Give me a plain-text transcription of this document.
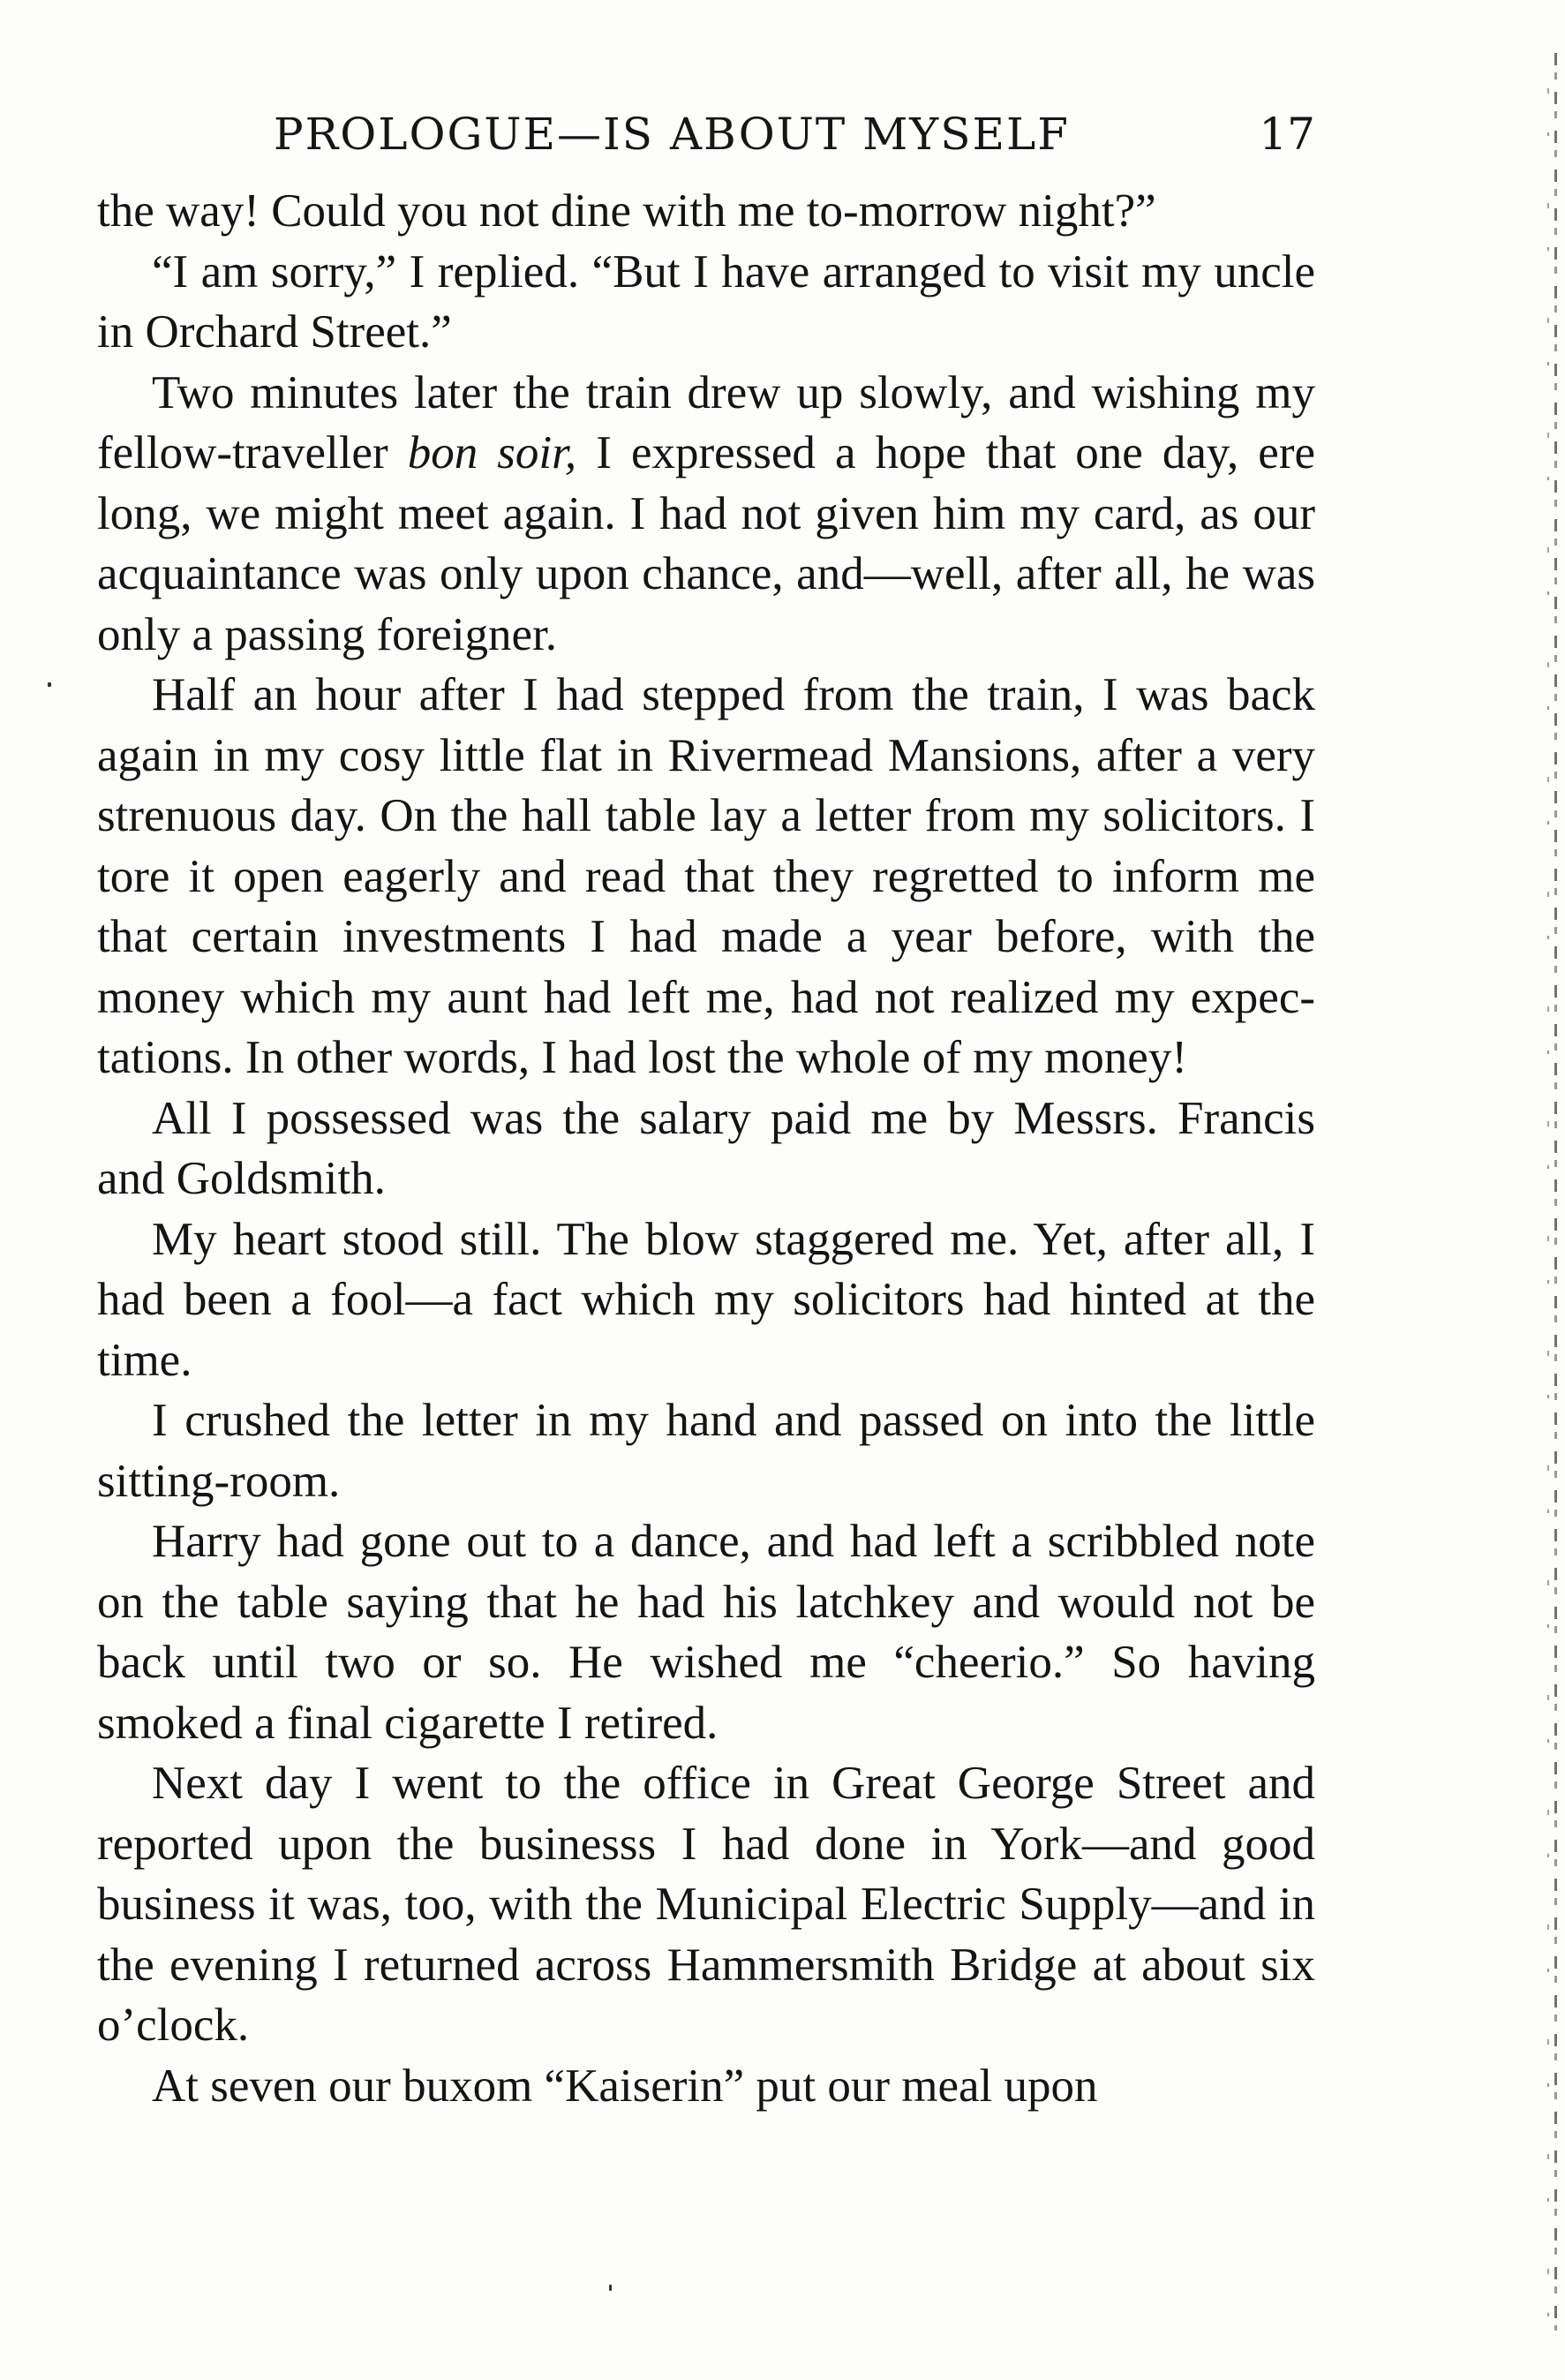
PROLOGUE—IS ABOUT MYSELF	17

the way! Could you not dine with me to-morrow night?”

“I am sorry,” I replied. “But I have arranged to visit my uncle in Orchard Street.”

Two minutes later the train drew up slowly, and wishing my fellow-traveller bon soir, I expressed a hope that one day, ere long, we might meet again. I had not given him my card, as our acquaintance was only upon chance, and—well, after all, he was only a passing foreigner.

Half an hour after I had stepped from the train, I was back again in my cosy little flat in Rivermead Mansions, after a very strenuous day. On the hall table lay a letter from my solicitors. I tore it open eagerly and read that they regretted to inform me that certain investments I had made a year before, with the money which my aunt had left me, had not realized my expectations. In other words, I had lost the whole of my money!

All I possessed was the salary paid me by Messrs. Francis and Goldsmith.

My heart stood still. The blow staggered me. Yet, after all, I had been a fool—a fact which my solicitors had hinted at the time.

I crushed the letter in my hand and passed on into the little sitting-room.

Harry had gone out to a dance, and had left a scribbled note on the table saying that he had his latchkey and would not be back until two or so. He wished me “cheerio.” So having smoked a final cigarette I retired.

Next day I went to the office in Great George Street and reported upon the businesss I had done in York—and good business it was, too, with the Municipal Electric Supply—and in the evening I returned across Hammersmith Bridge at about six o’clock.

At seven our buxom “Kaiserin” put our meal upon
